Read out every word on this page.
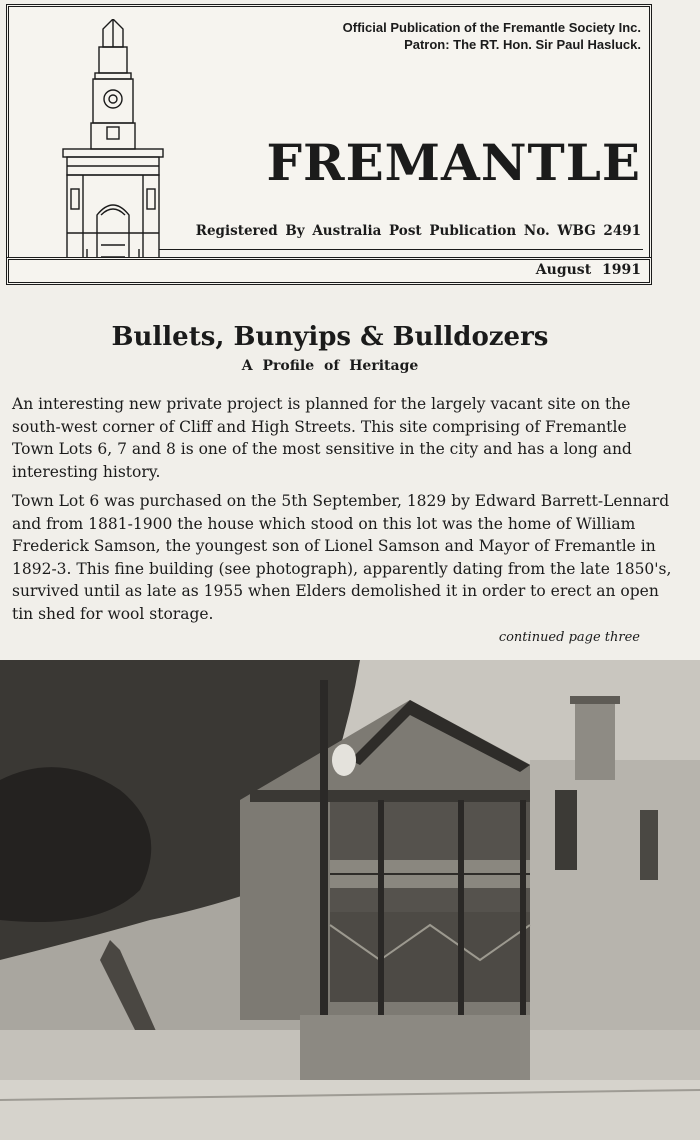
Official Publication of the Fremantle Society Inc.
Patron: The RT. Hon. Sir Paul Hasluck.
FREMANTLE
Registered By Australia Post Publication No. WBG 2491
August 1991
Bullets, Bunyips & Bulldozers
A Profile of Heritage

An interesting new private project is planned for the largely vacant site on the south-west corner of Cliff and High Streets. This site comprising of Fremantle Town Lots 6, 7 and 8 is one of the most sensitive in the city and has a long and interesting history.

Town Lot 6 was purchased on the 5th September, 1829 by Edward Barrett-Lennard and from 1881-1900 the house which stood on this lot was the home of William Frederick Samson, the youngest son of Lionel Samson and Mayor of Fremantle in 1892-3. This fine building (see photograph), apparently dating from the late 1850's, survived until as late as 1955 when Elders demolished it in order to erect an open tin shed for wool storage.

continued page three
